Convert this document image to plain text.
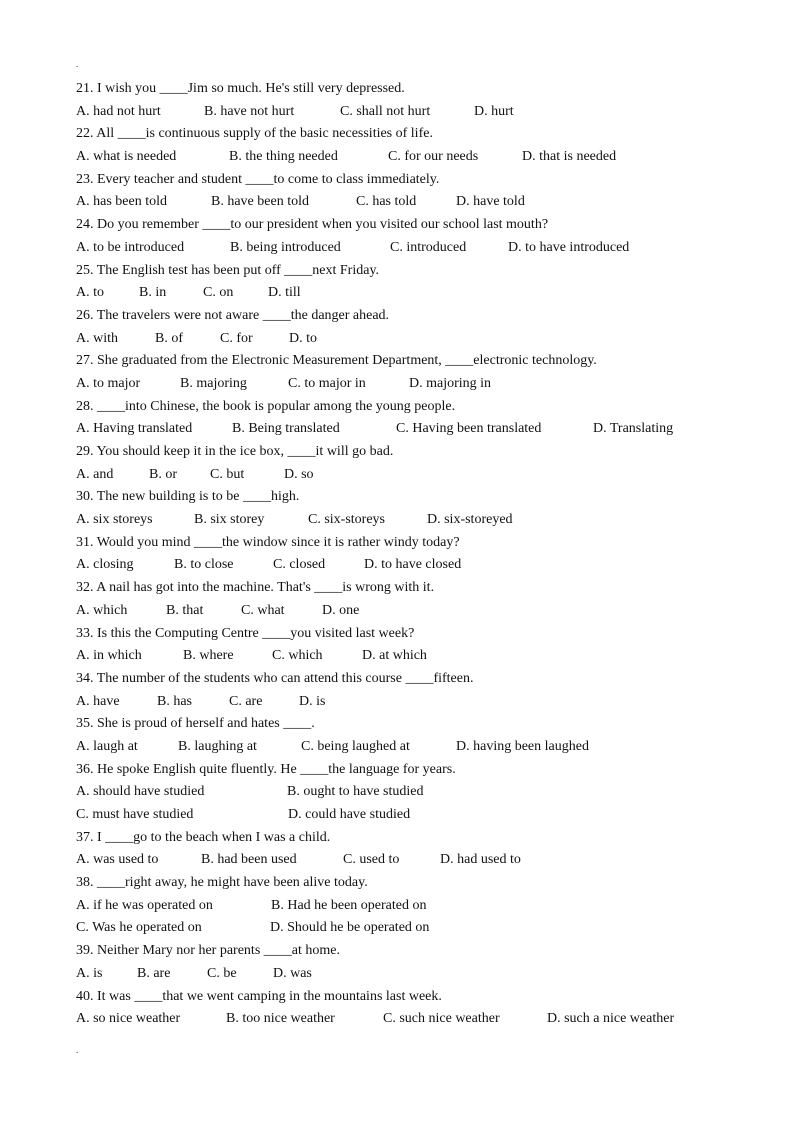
.
21. I wish you ____Jim so much. He's still very depressed.
A. had not hurt	B. have not hurt	C. shall not hurt	D. hurt
22. All ____is continuous supply of the basic necessities of life.
A. what is needed	B. the thing needed	C. for our needs	D. that is needed
23. Every teacher and student ____to come to class immediately.
A. has been told	B. have been told	C. has told	D. have told
24. Do you remember ____to our president when you visited our school last mouth?
A. to be introduced	B. being introduced	C. introduced	D. to have introduced
25. The English test has been put off ____next Friday.
A. to	B. in	C. on D. till
26. The travelers were not aware ____the danger ahead.
A. with	B. of	C. for	D. to
27. She graduated from the Electronic Measurement Department, ____electronic technology.
A. to major	B. majoring	C. to major in	D. majoring in
28. ____into Chinese, the book is popular among the young people.
A. Having translated	B. Being translated	C. Having been translated	D. Translating
29. You should keep it in the ice box, ____it will go bad.
A. and	B. or C. but	D. so
30. The new building is to be ____high.
A. six storeys	B. six storey	C. six-storeys	D. six-storeyed
31. Would you mind ____the window since it is rather windy today?
A. closing	B. to close	C. closed	D. to have closed
32. A nail has got into the machine. That's ____is wrong with it.
A. which	B. that	C. what	D. one
33. Is this the Computing Centre ____you visited last week?
A. in which	B. where	C. which	D. at which
34. The number of the students who can attend this course ____fifteen.
A. have	B. has	C. are	D. is
35. She is proud of herself and hates ____.
A. laugh at	B. laughing at	C. being laughed at	D. having been laughed
36. He spoke English quite fluently. He ____the language for years.
A. should have studied	B. ought to have studied
C. must have studied	D. could have studied
37. I ____go to the beach when I was a child.
A. was used to	B. had been used	C. used to	D. had used to
38. ____right away, he might have been alive today.
A. if he was operated on	B. Had he been operated on
C. Was he operated on	D. Should he be operated on
39. Neither Mary nor her parents ____at home.
A. is B. are	C. be	D. was
40. It was ____that we went camping in the mountains last week.
A. so nice weather	B. too nice weather	C. such nice weather	D. such a nice weather
.
